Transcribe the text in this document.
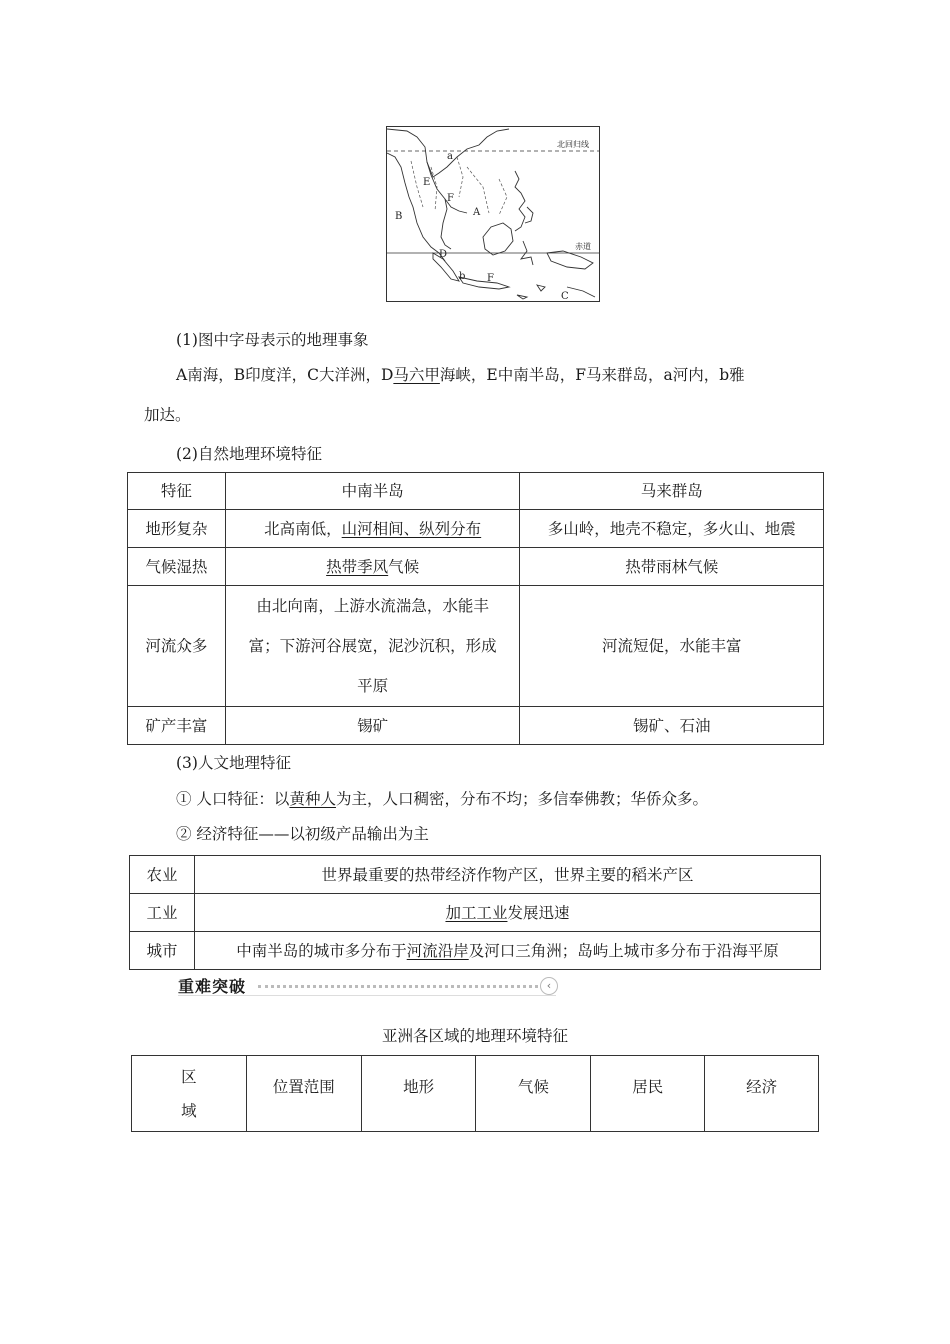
北回归线
赤道
a
E
F
A
B
D
b F
C
(1)图中字母表示的地理事象
A南海，B印度洋，C大洋洲，D马六甲海峡，E中南半岛，F马来群岛，a河内，b雅
加达。
(2)自然地理环境特征
特征	中南半岛	马来群岛
地形复杂	北高南低，山河相间、纵列分布	多山岭，地壳不稳定，多火山、地震
气候湿热	热带季风气候	热带雨林气候
河流众多	由北向南，上游水流湍急，水能丰
富；下游河谷展宽，泥沙沉积，形成
平原	河流短促，水能丰富
矿产丰富	锡矿	锡矿、石油
(3)人文地理特征
① 人口特征：以黄种人为主，人口稠密，分布不均；多信奉佛教；华侨众多。
② 经济特征——以初级产品输出为主
农业	世界最重要的热带经济作物产区，世界主要的稻米产区
工业	加工工业发展迅速
城市	中南半岛的城市多分布于河流沿岸及河口三角洲；岛屿上城市多分布于沿海平原
重难突破	‹
亚洲各区域的地理环境特征
区
域
	位置范围	地形	气候	居民	经济
